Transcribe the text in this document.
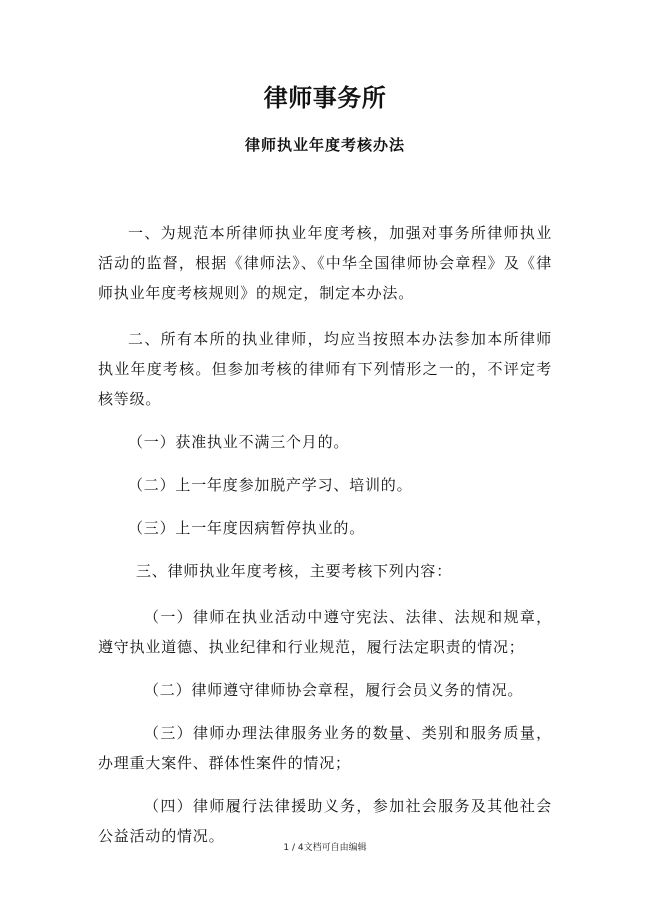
律师事务所
律师执业年度考核办法

一、为规范本所律师执业年度考核，加强对事务所律师执业活动的监督，根据《律师法》、《中华全国律师协会章程》及《律师执业年度考核规则》的规定，制定本办法。

二、所有本所的执业律师，均应当按照本办法参加本所律师执业年度考核。但参加考核的律师有下列情形之一的，不评定考核等级。

（一）获准执业不满三个月的。

（二）上一年度参加脱产学习、培训的。

（三）上一年度因病暂停执业的。

三、律师执业年度考核，主要考核下列内容：

（一）律师在执业活动中遵守宪法、法律、法规和规章，遵守执业道德、执业纪律和行业规范，履行法定职责的情况；

（二）律师遵守律师协会章程，履行会员义务的情况。

（三）律师办理法律服务业务的数量、类别和服务质量，办理重大案件、群体性案件的情况；

（四）律师履行法律援助义务，参加社会服务及其他社会公益活动的情况。

1 / 4文档可自由编辑
